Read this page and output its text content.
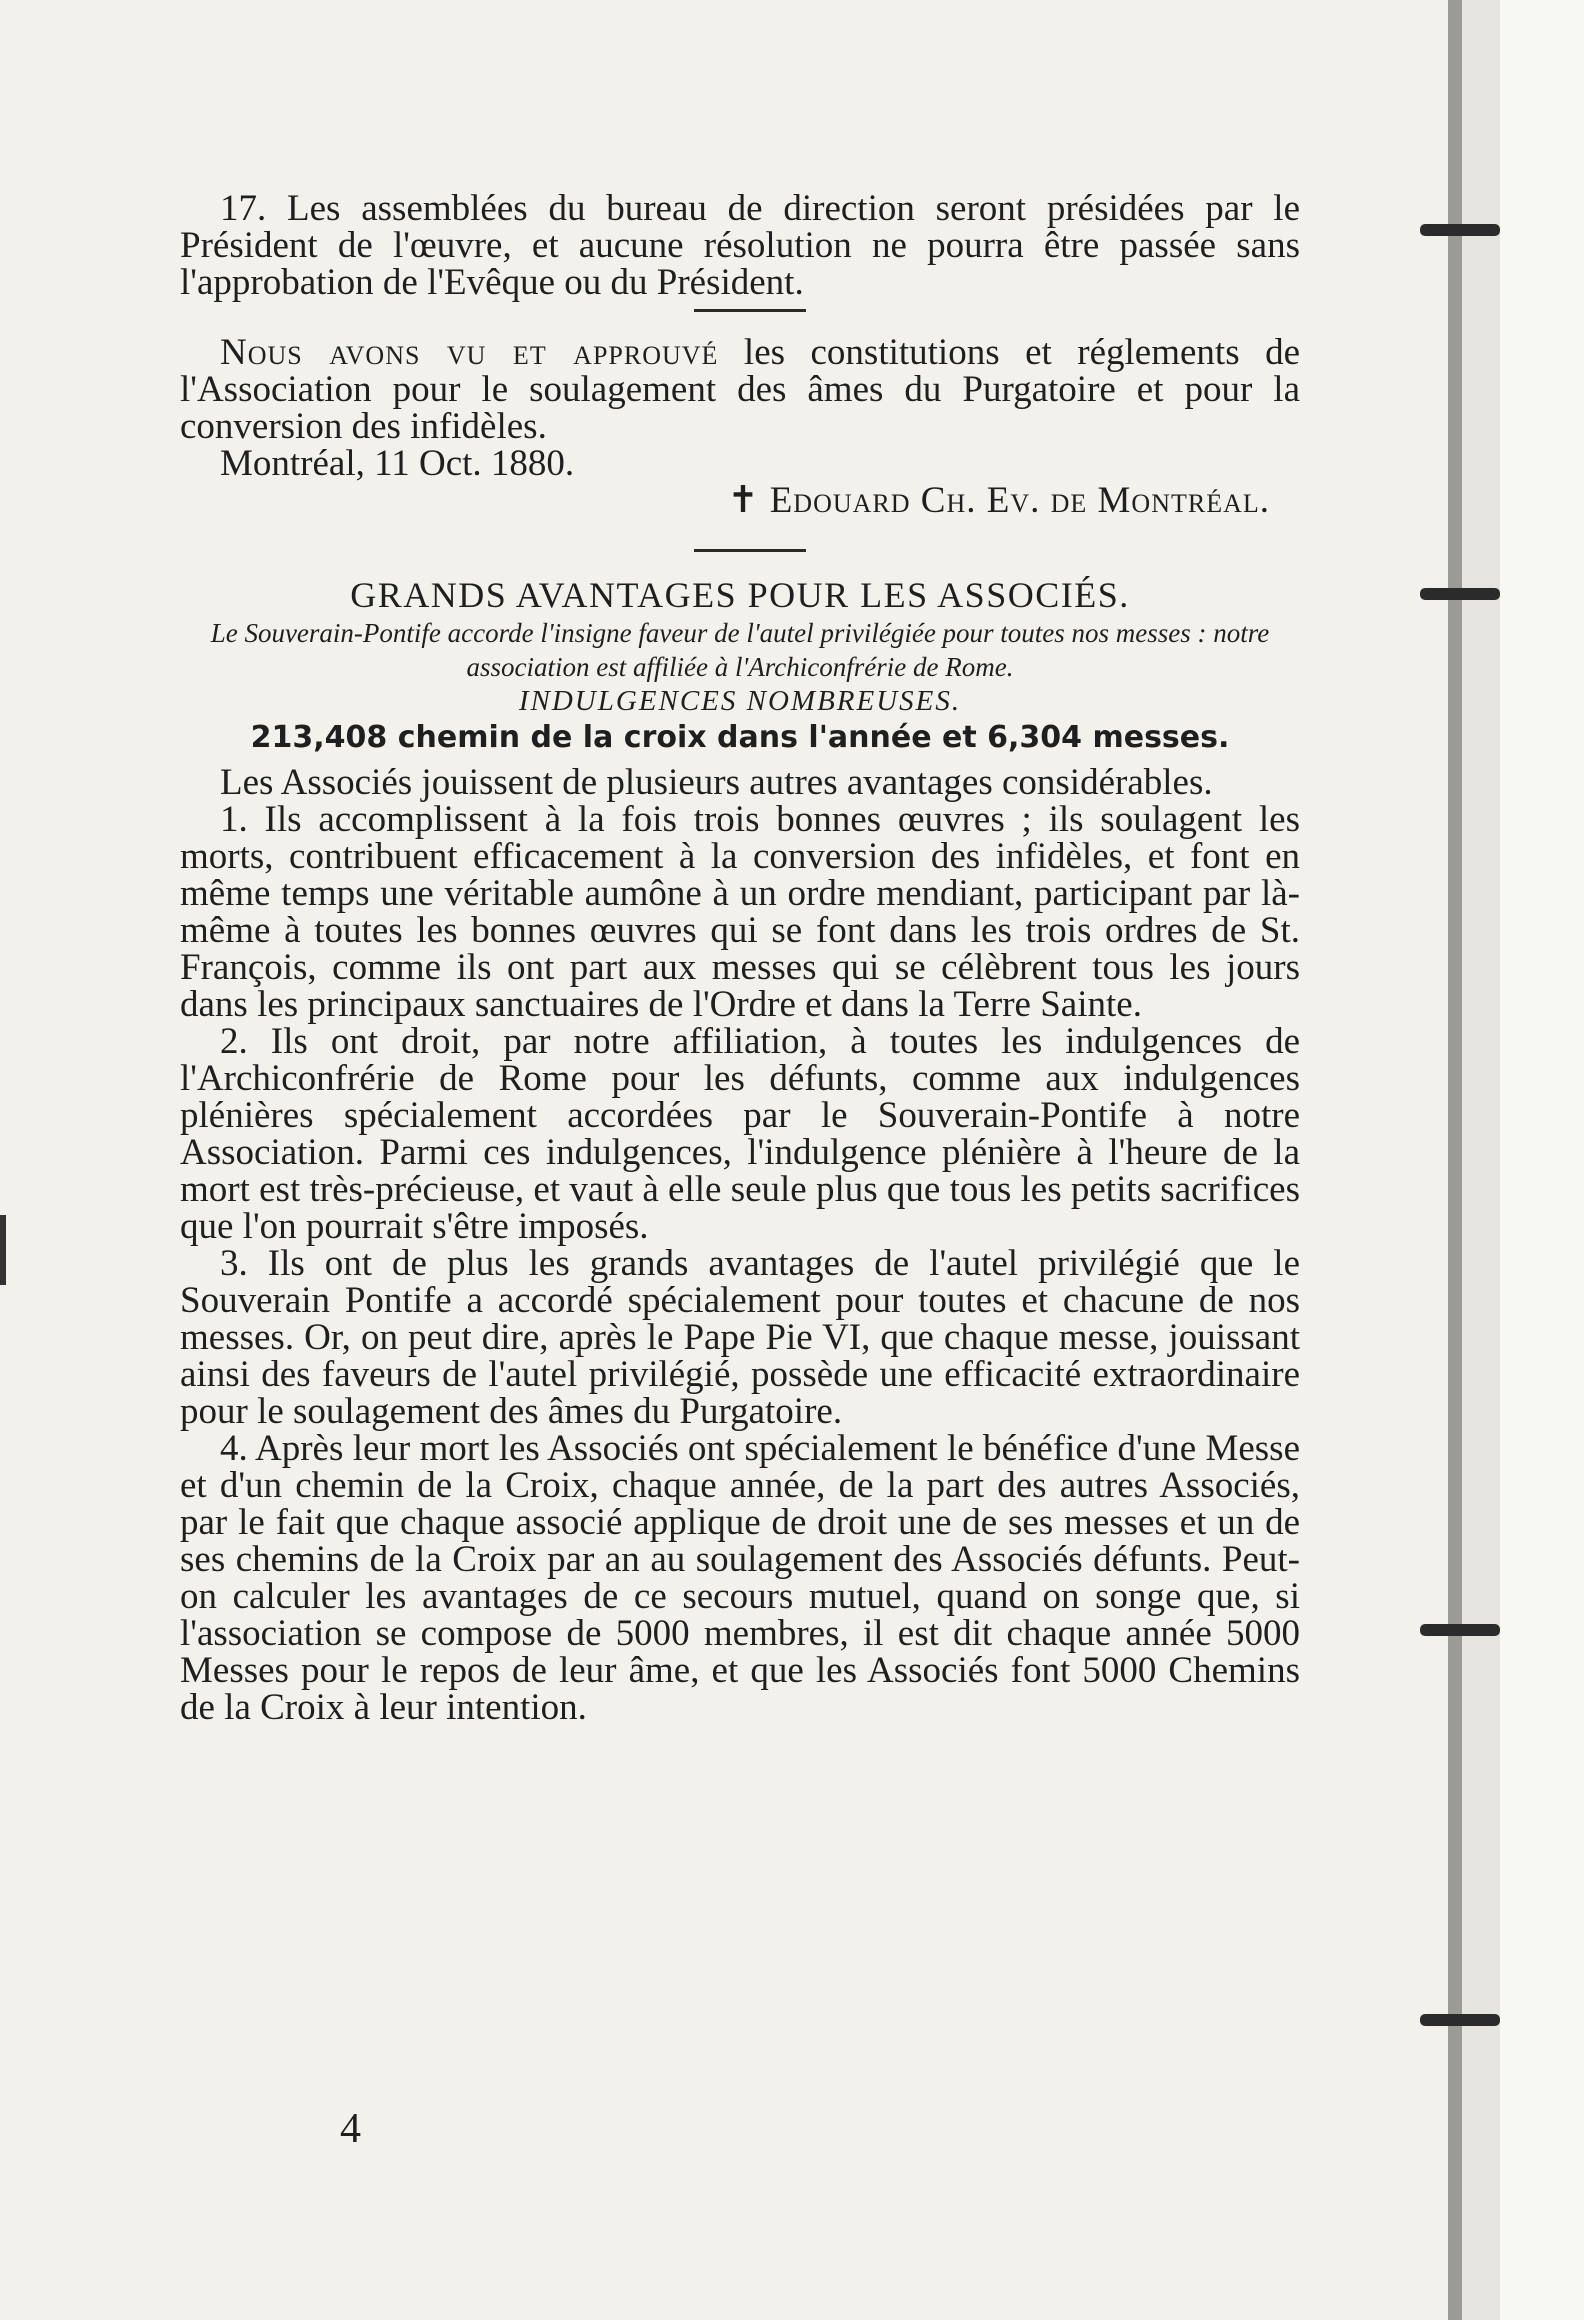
17. Les assemblées du bureau de direction seront présidées par le Président de l'œuvre, et aucune résolution ne pourra être passée sans l'approbation de l'Evêque ou du Président.

Nous avons vu et approuvé les constitutions et réglements de l'Association pour le soulagement des âmes du Purgatoire et pour la conversion des infidèles.

Montréal, 11 Oct. 1880.

✝ Edouard Ch. Ev. de Montréal.

GRANDS AVANTAGES POUR LES ASSOCIÉS.

Le Souverain-Pontife accorde l'insigne faveur de l'autel privilégiée pour toutes nos messes : notre association est affiliée à l'Archiconfrérie de Rome.

INDULGENCES NOMBREUSES.

213,408 chemin de la croix dans l'année et 6,304 messes.

Les Associés jouissent de plusieurs autres avantages considérables.

1. Ils accomplissent à la fois trois bonnes œuvres ; ils soulagent les morts, contribuent efficacement à la conversion des infidèles, et font en même temps une véritable aumône à un ordre mendiant, participant par là-même à toutes les bonnes œuvres qui se font dans les trois ordres de St. François, comme ils ont part aux messes qui se célèbrent tous les jours dans les principaux sanctuaires de l'Ordre et dans la Terre Sainte.

2. Ils ont droit, par notre affiliation, à toutes les indulgences de l'Archiconfrérie de Rome pour les défunts, comme aux indulgences plénières spécialement accordées par le Souverain-Pontife à notre Association. Parmi ces indulgences, l'indulgence plénière à l'heure de la mort est très-précieuse, et vaut à elle seule plus que tous les petits sacrifices que l'on pourrait s'être imposés.

3. Ils ont de plus les grands avantages de l'autel privilégié que le Souverain Pontife a accordé spécialement pour toutes et chacune de nos messes. Or, on peut dire, après le Pape Pie VI, que chaque messe, jouissant ainsi des faveurs de l'autel privilégié, possède une efficacité extraordinaire pour le soulagement des âmes du Purgatoire.

4. Après leur mort les Associés ont spécialement le bénéfice d'une Messe et d'un chemin de la Croix, chaque année, de la part des autres Associés, par le fait que chaque associé applique de droit une de ses messes et un de ses chemins de la Croix par an au soulagement des Associés défunts. Peut-on calculer les avantages de ce secours mutuel, quand on songe que, si l'association se compose de 5000 membres, il est dit chaque année 5000 Messes pour le repos de leur âme, et que les Associés font 5000 Chemins de la Croix à leur intention.

4
